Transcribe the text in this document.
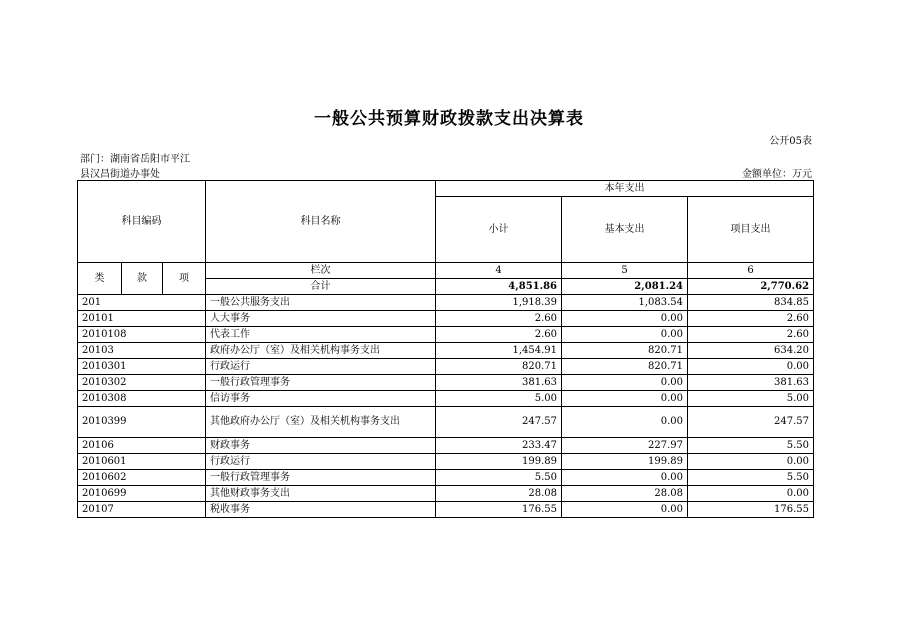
一般公共预算财政拨款支出决算表
公开05表
部门：湖南省岳阳市平江
县汉昌街道办事处	金额单位：万元
科目编码			科目名称	本年支出		
				小计	基本支出	项目支出
类	款	项	栏次	4	5	6
			合计	4,851.86	2,081.24	2,770.62
201			一般公共服务支出	1,918.39	1,083.54	834.85
20101			人大事务	2.60	0.00	2.60
2010108			代表工作	2.60	0.00	2.60
20103			政府办公厅（室）及相关机构事务支出	1,454.91	820.71	634.20
2010301			行政运行	820.71	820.71	0.00
2010302			一般行政管理事务	381.63	0.00	381.63
2010308			信访事务	5.00	0.00	5.00
2010399			其他政府办公厅（室）及相关机构事务支出	247.57	0.00	247.57
20106			财政事务	233.47	227.97	5.50
2010601			行政运行	199.89	199.89	0.00
2010602			一般行政管理事务	5.50	0.00	5.50
2010699			其他财政事务支出	28.08	28.08	0.00
20107			税收事务	176.55	0.00	176.55
